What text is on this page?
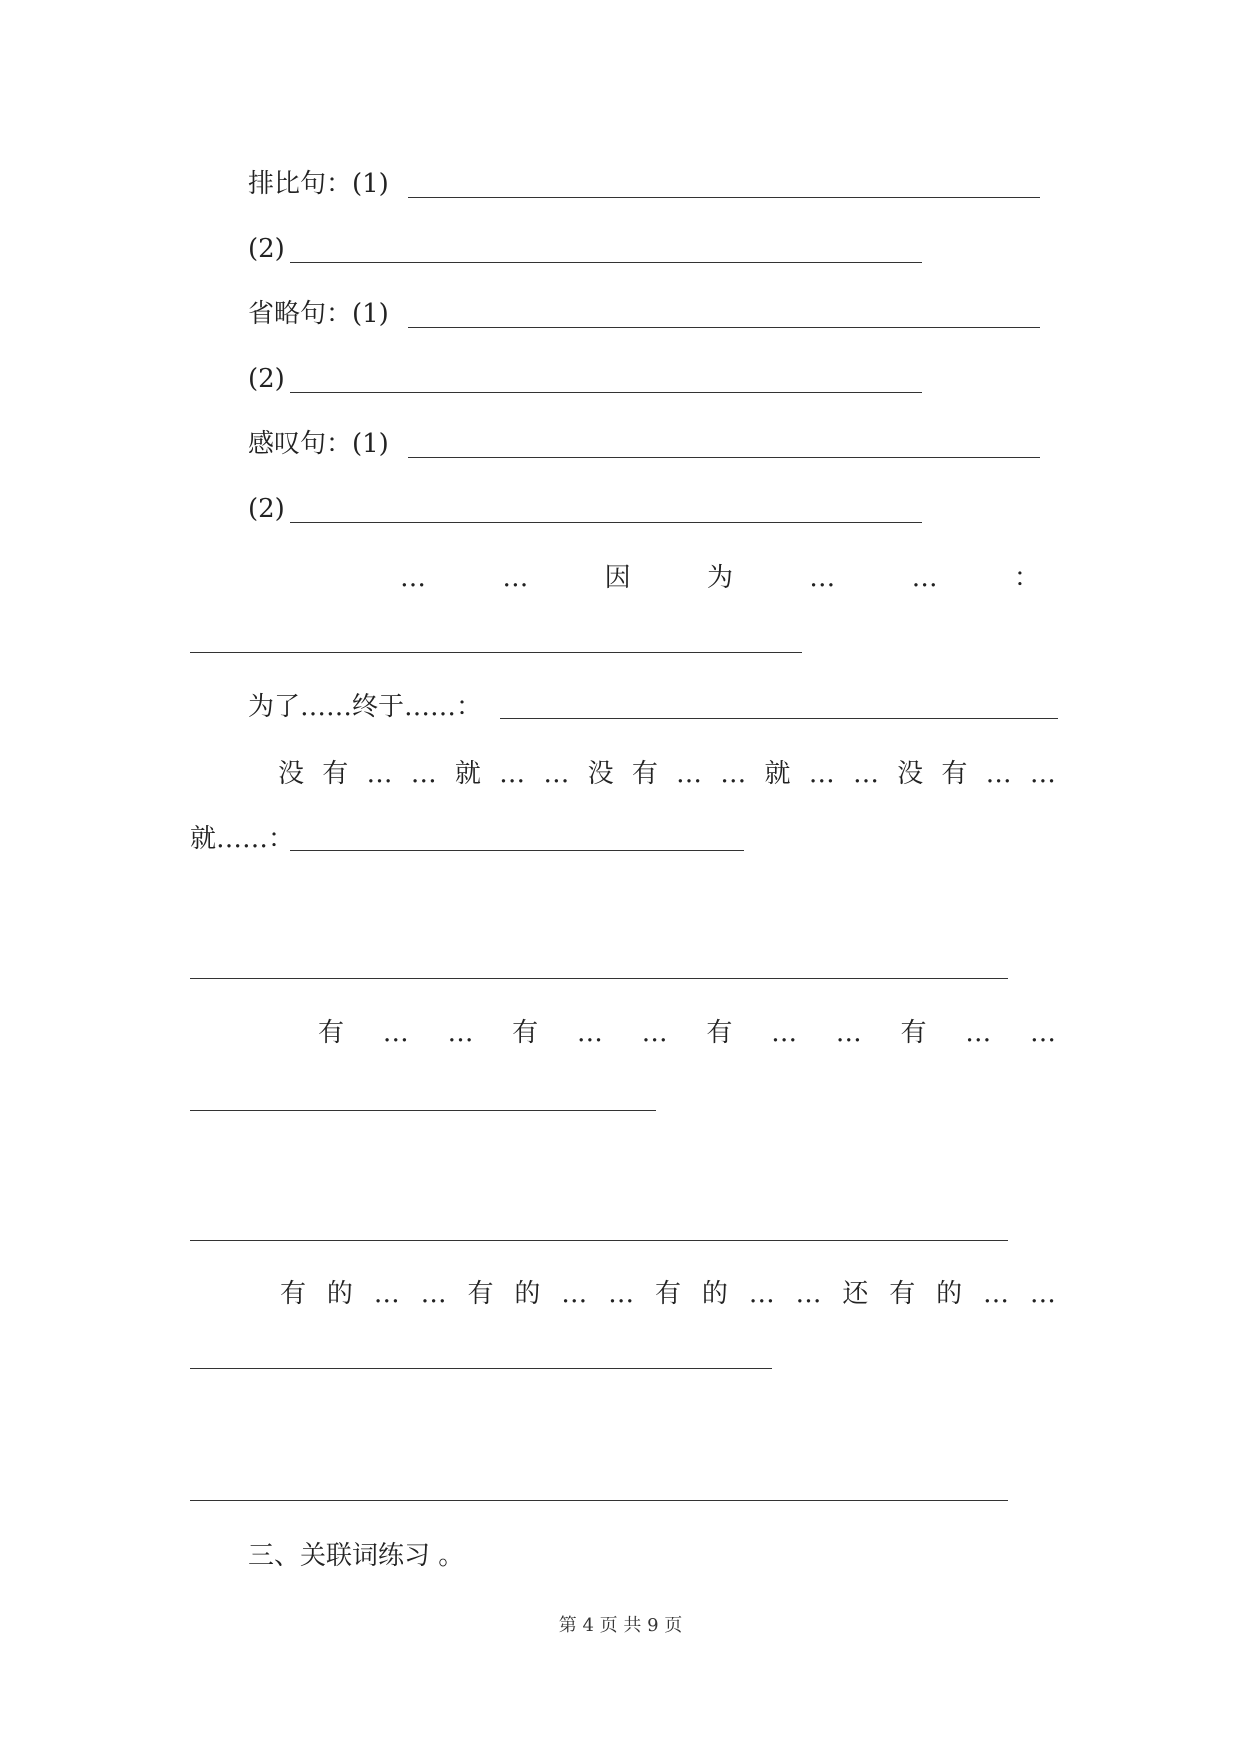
排比句：(1)
(2)
省略句：(1)
(2)
感叹句：(1)
(2)
…	…	因	为	…	…	：
为了……终于……：
没 有 … … 就 … … 没 有 … … 就 … … 没 有 … …
就……：
有 … … 有 … … 有 … … 有 … …
有 的 … … 有 的 … … 有 的 … … 还 有 的 … …
三、关联词练习 。
第 4 页 共 9 页
